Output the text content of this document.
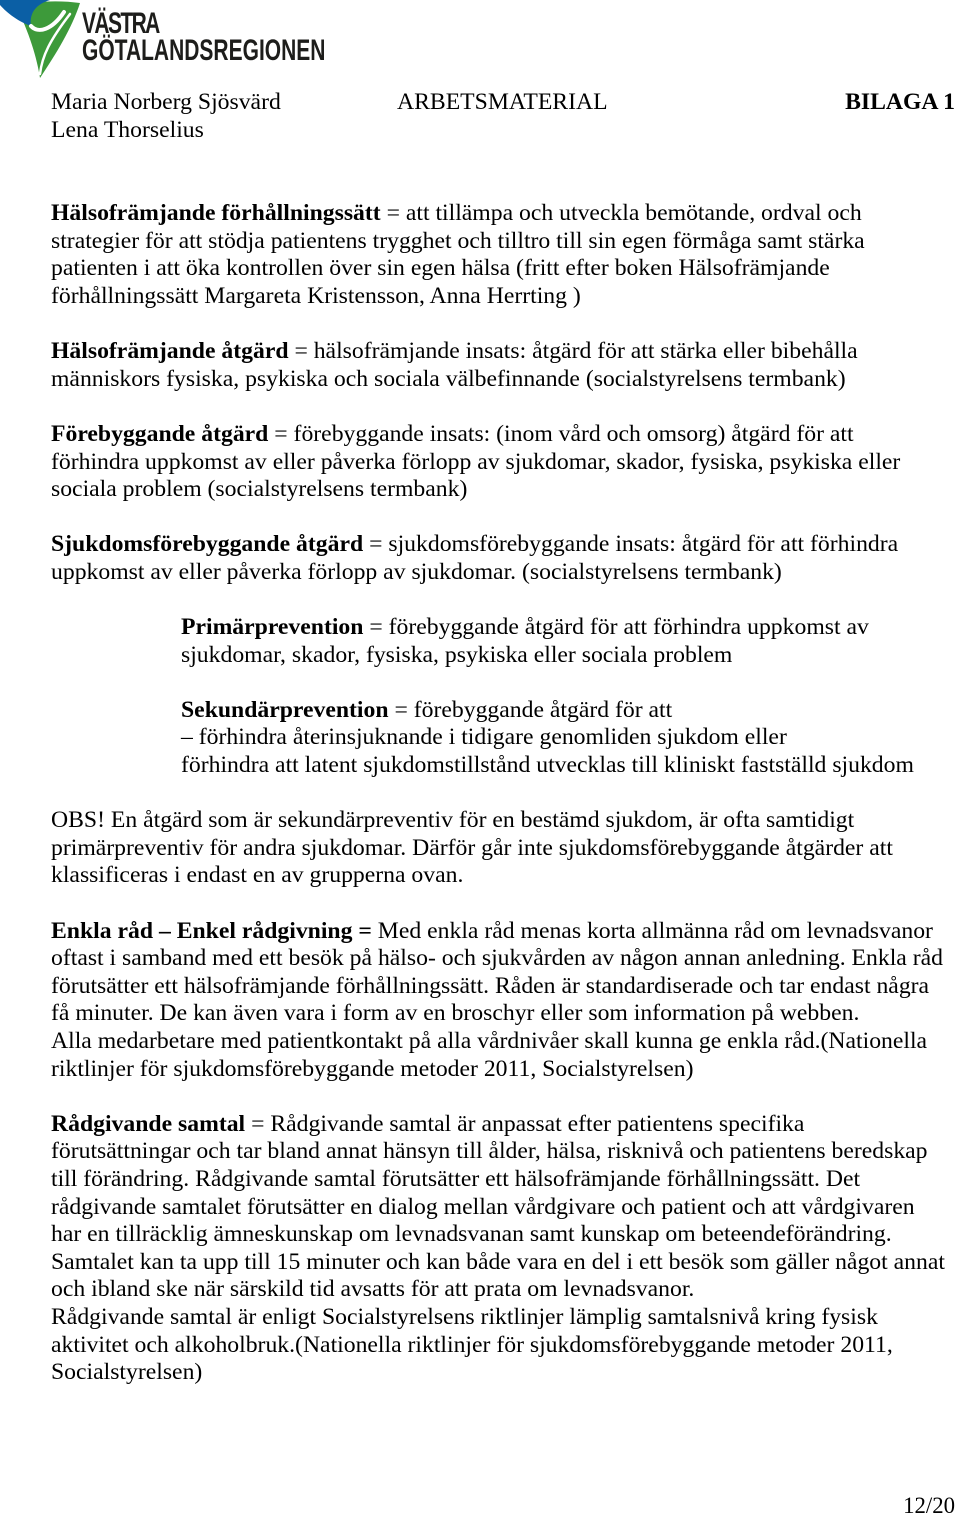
VÄSTRA
GÖTALANDSREGIONEN
Maria Norberg Sjösvärd
Lena Thorselius
ARBETSMATERIAL	BILAGA 1
Hälsofrämjande förhållningssätt = att tillämpa och utveckla bemötande, ordval och
strategier för att stödja patientens trygghet och tilltro till sin egen förmåga samt stärka
patienten i att öka kontrollen över sin egen hälsa (fritt efter boken Hälsofrämjande
förhållningssätt Margareta Kristensson, Anna Herrting )
Hälsofrämjande åtgärd = hälsofrämjande insats: åtgärd för att stärka eller bibehålla
människors fysiska, psykiska och sociala välbefinnande (socialstyrelsens termbank)
Förebyggande åtgärd = förebyggande insats: (inom vård och omsorg) åtgärd för att
förhindra uppkomst av eller påverka förlopp av sjukdomar, skador, fysiska, psykiska eller
sociala problem (socialstyrelsens termbank)
Sjukdomsförebyggande åtgärd = sjukdomsförebyggande insats: åtgärd för att förhindra
uppkomst av eller påverka förlopp av sjukdomar. (socialstyrelsens termbank)
Primärprevention = förebyggande åtgärd för att förhindra uppkomst av
sjukdomar, skador, fysiska, psykiska eller sociala problem
Sekundärprevention = förebyggande åtgärd för att
– förhindra återinsjuknande i tidigare genomliden sjukdom eller
förhindra att latent sjukdomstillstånd utvecklas till kliniskt fastställd sjukdom
OBS! En åtgärd som är sekundärpreventiv för en bestämd sjukdom, är ofta samtidigt
primärpreventiv för andra sjukdomar. Därför går inte sjukdomsförebyggande åtgärder att
klassificeras i endast en av grupperna ovan.
Enkla råd – Enkel rådgivning = Med enkla råd menas korta allmänna råd om levnadsvanor
oftast i samband med ett besök på hälso- och sjukvården av någon annan anledning. Enkla råd
förutsätter ett hälsofrämjande förhållningssätt. Råden är standardiserade och tar endast några
få minuter. De kan även vara i form av en broschyr eller som information på webben.
Alla medarbetare med patientkontakt på alla vårdnivåer skall kunna ge enkla råd.(Nationella
riktlinjer för sjukdomsförebyggande metoder 2011, Socialstyrelsen)
Rådgivande samtal = Rådgivande samtal är anpassat efter patientens specifika
förutsättningar och tar bland annat hänsyn till ålder, hälsa, risknivå och patientens beredskap
till förändring. Rådgivande samtal förutsätter ett hälsofrämjande förhållningssätt. Det
rådgivande samtalet förutsätter en dialog mellan vårdgivare och patient och att vårdgivaren
har en tillräcklig ämneskunskap om levnadsvanan samt kunskap om beteendeförändring.
Samtalet kan ta upp till 15 minuter och kan både vara en del i ett besök som gäller något annat
och ibland ske när särskild tid avsatts för att prata om levnadsvanor.
Rådgivande samtal är enligt Socialstyrelsens riktlinjer lämplig samtalsnivå kring fysisk
aktivitet och alkoholbruk.(Nationella riktlinjer för sjukdomsförebyggande metoder 2011,
Socialstyrelsen)
12/20
